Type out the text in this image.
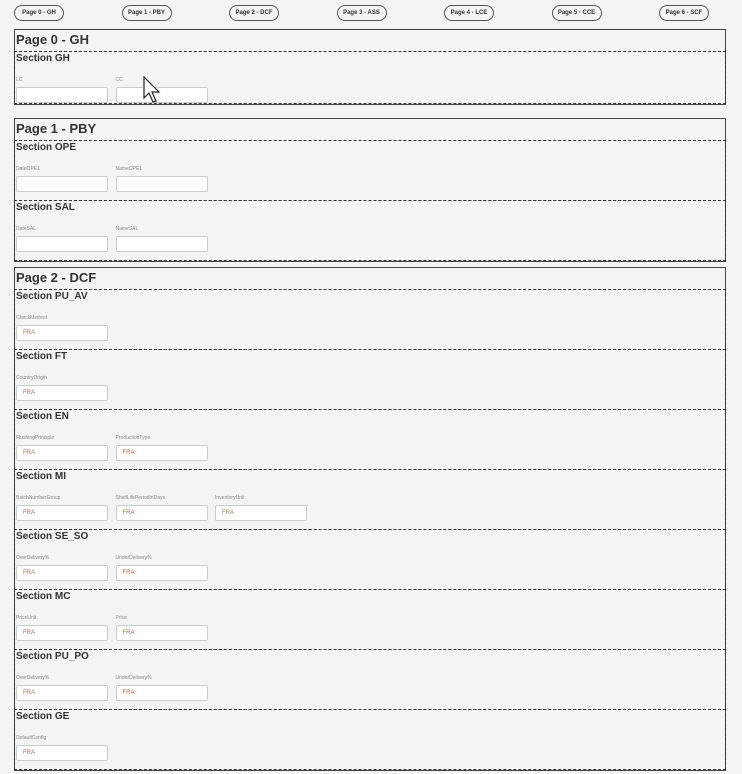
Page 0 - GH	Page 1 - PBY	Page 2 - DCF	Page 3 - ASS	Page 4 - LCE	Page 5 - CCE	Page 6 - SCF
Page 0 - GH
Section GH
LC	CC
Page 1 - PBY
Section OPE
DateOPE1	NameOPE1
Section SAL
DateSAL	NameSAL
Page 2 - DCF
Section PU_AV
CheckMethod
FRA
Section FT
CountryOrigin
FRA
Section EN
FlushingPrinciple
FRA
ProductionType
FRA
Section MI
BatchNumberGroup
FRA
ShelfLifePeriodInDays
FRA
InventoryUnit
FRA
Section SE_SO
OverDelivery%
FRA
UnderDelivery%
FRA
Section MC
PriceUnit
FRA
Price
FRA
Section PU_PO
OverDelivery%
FRA
UnderDelivery%
FRA
Section GE
DefaultConfig
FRA
